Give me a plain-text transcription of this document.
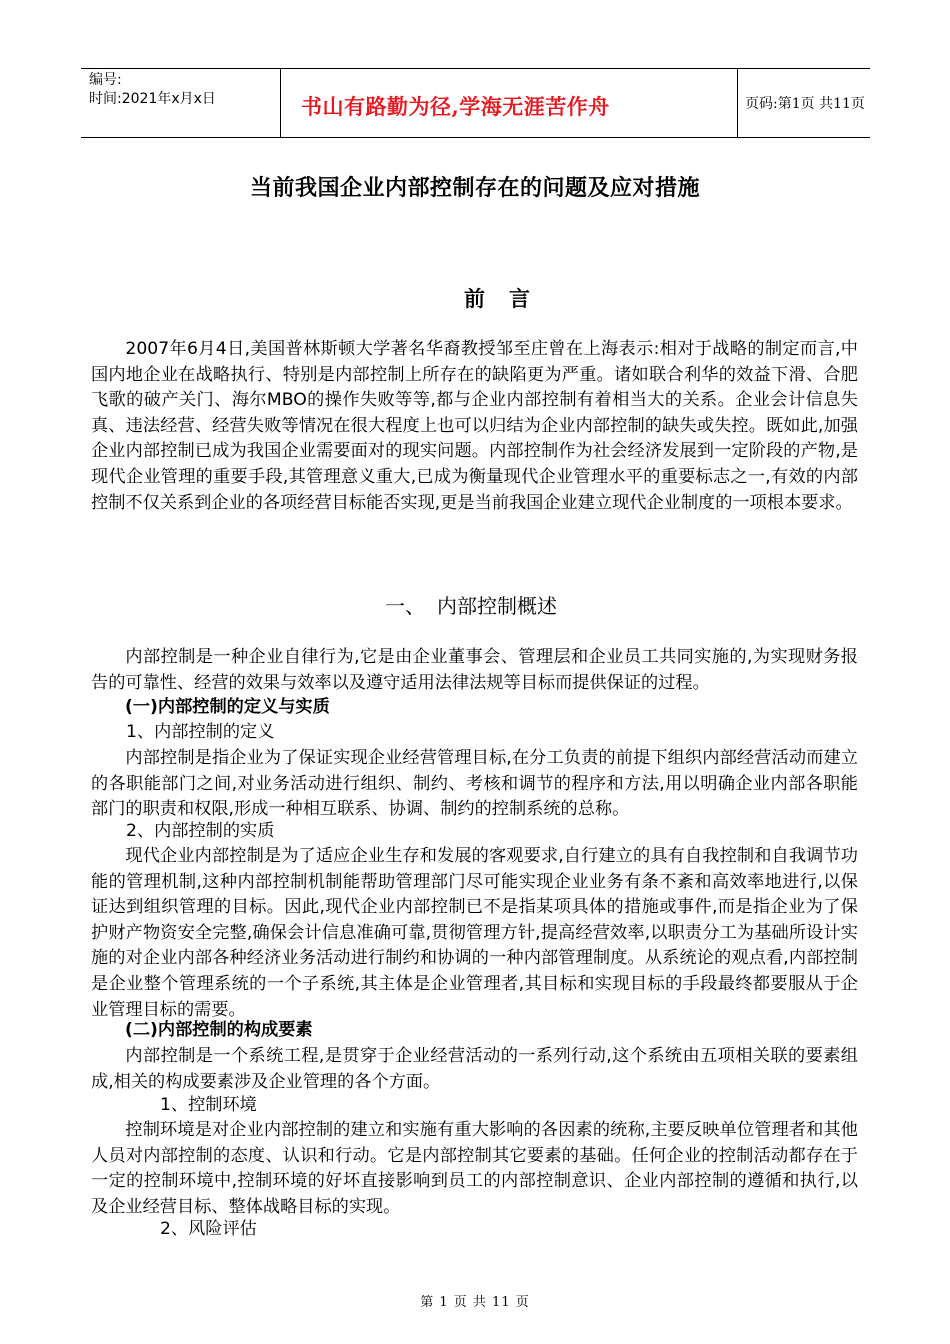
编号:
时间:2021年x月x日	书山有路勤为径,学海无涯苦作舟	页码:第1页 共11页
当前我国企业内部控制存在的问题及应对措施
前 言

2007年6月4日,美国普林斯顿大学著名华裔教授邹至庄曾在上海表示:相对于战略的制定而言,中国内地企业在战略执行、特别是内部控制上所存在的缺陷更为严重。诸如联合利华的效益下滑、合肥飞歌的破产关门、海尔MBO的操作失败等等,都与企业内部控制有着相当大的关系。企业会计信息失真、违法经营、经营失败等情况在很大程度上也可以归结为企业内部控制的缺失或失控。既如此,加强企业内部控制已成为我国企业需要面对的现实问题。内部控制作为社会经济发展到一定阶段的产物,是现代企业管理的重要手段,其管理意义重大,已成为衡量现代企业管理水平的重要标志之一,有效的内部控制不仅关系到企业的各项经营目标能否实现,更是当前我国企业建立现代企业制度的一项根本要求。

一、 内部控制概述

内部控制是一种企业自律行为,它是由企业董事会、管理层和企业员工共同实施的,为实现财务报告的可靠性、经营的效果与效率以及遵守适用法律法规等目标而提供保证的过程。

(一)内部控制的定义与实质
1、内部控制的定义

内部控制是指企业为了保证实现企业经营管理目标,在分工负责的前提下组织内部经营活动而建立的各职能部门之间,对业务活动进行组织、制约、考核和调节的程序和方法,用以明确企业内部各职能部门的职责和权限,形成一种相互联系、协调、制约的控制系统的总称。

2、内部控制的实质

现代企业内部控制是为了适应企业生存和发展的客观要求,自行建立的具有自我控制和自我调节功能的管理机制,这种内部控制机制能帮助管理部门尽可能实现企业业务有条不紊和高效率地进行,以保证达到组织管理的目标。因此,现代企业内部控制已不是指某项具体的措施或事件,而是指企业为了保护财产物资安全完整,确保会计信息准确可靠,贯彻管理方针,提高经营效率,以职责分工为基础所设计实施的对企业内部各种经济业务活动进行制约和协调的一种内部管理制度。从系统论的观点看,内部控制是企业整个管理系统的一个子系统,其主体是企业管理者,其目标和实现目标的手段最终都要服从于企业管理目标的需要。

(二)内部控制的构成要素

内部控制是一个系统工程,是贯穿于企业经营活动的一系列行动,这个系统由五项相关联的要素组成,相关的构成要素涉及企业管理的各个方面。

1、控制环境

控制环境是对企业内部控制的建立和实施有重大影响的各因素的统称,主要反映单位管理者和其他人员对内部控制的态度、认识和行动。它是内部控制其它要素的基础。任何企业的控制活动都存在于一定的控制环境中,控制环境的好坏直接影响到员工的内部控制意识、企业内部控制的遵循和执行,以及企业经营目标、整体战略目标的实现。

2、风险评估
第 1 页 共 11 页
